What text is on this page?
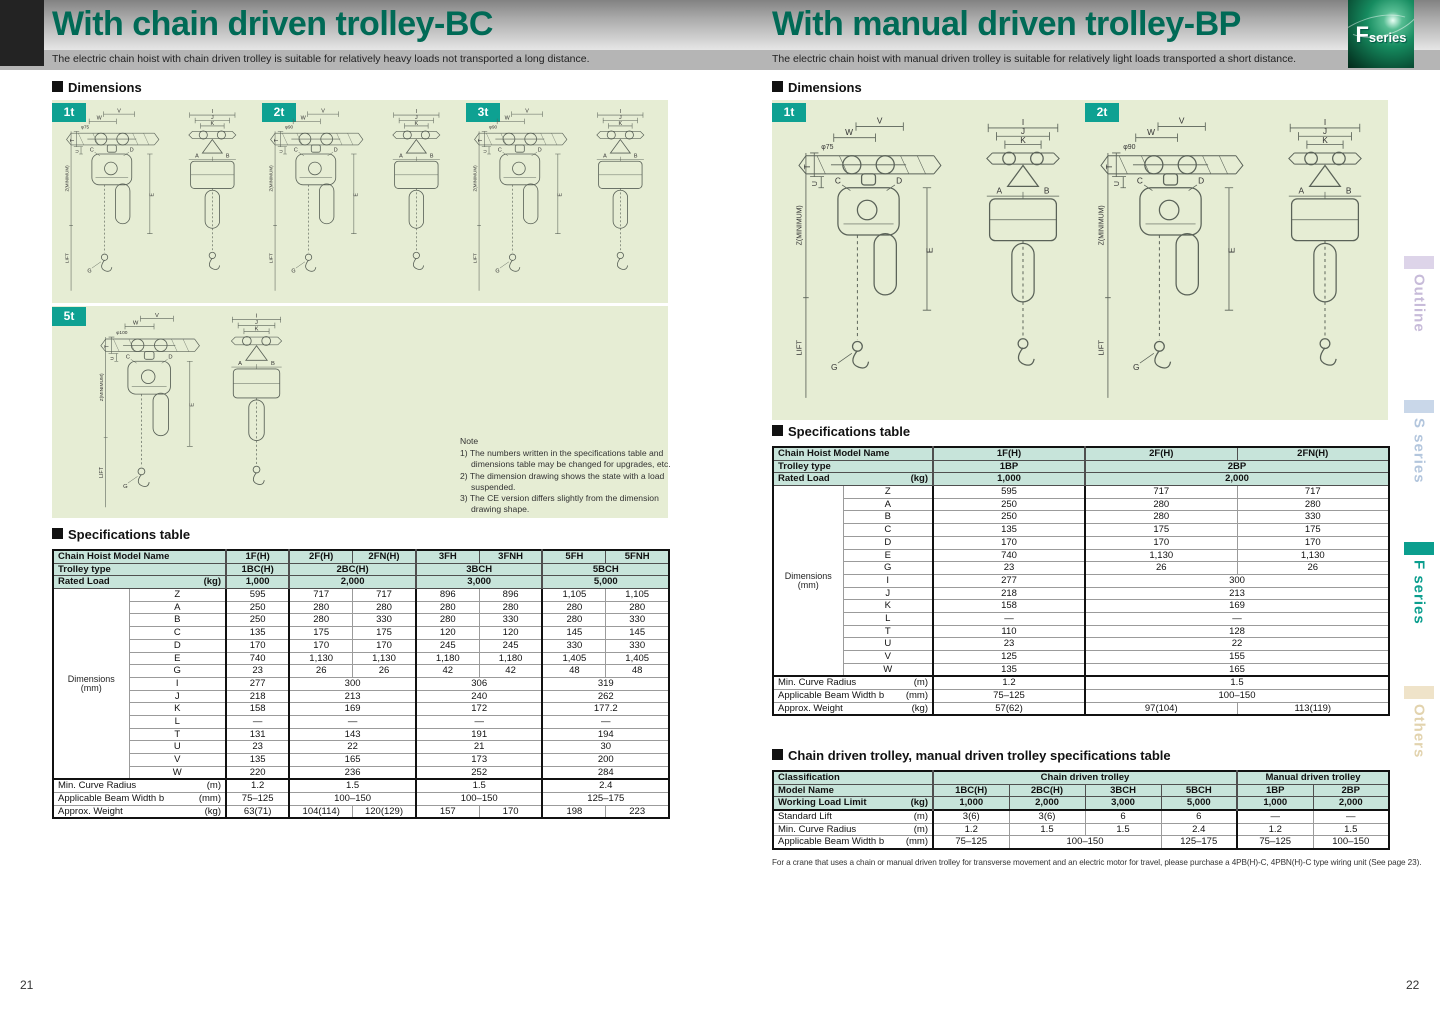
With chain driven trolley-BC	With manual driven trolley-BP
The electric chain hoist with chain driven trolley is suitable for relatively heavy loads not transported a long distance.	The electric chain hoist with manual driven trolley is suitable for relatively light loads transported a short distance.
Fseries
Dimensions	Dimensions
1t	2t	3t
W
V
T
U
Z(MINIMUM)
LIFT
C	D
E
G
φ75
I
J
K
A	B
W
V
T
U
Z(MINIMUM)
LIFT
C	D
E
G
φ90
I
J
K
A	B
W
V
T
U
Z(MINIMUM)
LIFT
C	D
E
G
φ90
I
J
K
A	B
5t
W
V
T
U
Z(MINIMUM)
LIFT
C	D
E
G
φ100
I
J
K
A	B
1t	2t
W
V
T
U
Z(MINIMUM)
LIFT
C	D
E
G
φ75
I
J
K
A	B
W
V
T
U
Z(MINIMUM)
LIFT
C	D
E
G
φ90
I
J
K
A	B
Note
1) The numbers written in the specifications table and dimensions table may be changed for upgrades, etc.
2) The dimension drawing shows the state with a load suspended.
3) The CE version differs slightly from the dimension drawing shape.
Specifications table
Chain Hoist Model Name		1F(H)	2F(H)	2FN(H)	3FH	3FNH	5FH	5FNH
Trolley type		1BC(H)	2BC(H)		3BCH		5BCH	
Rated Load (kg)		1,000	2,000		3,000		5,000	

Dimensions
(mm)	Z	595	717	717	896	896	1,105	1,105
	A	250	280	280	280	280	280	280
	B	250	280	330	280	330	280	330
	C	135	175	175	120	120	145	145
	D	170	170	170	245	245	330	330
	E	740	1,130	1,130	1,180	1,180	1,405	1,405
	G	23	26	26	42	42	48	48
	I	277	300		306		319	
	J	218	213		240		262	
	K	158	169		172		177.2	
	L	—	—		—		—	
	T	131	143		191		194	
	U	23	22		21		30	
	V	135	165		173		200	
	W	220	236		252		284	
Min. Curve Radius (m)		1.2	1.5		1.5		2.4	
Applicable Beam Width b (mm)		75–125	100–150		100–150		125–175	
Approx. Weight (kg)		63(71)	104(114)	120(129)	157	170	198	223
Specifications table
Chain Hoist Model Name		1F(H)	2F(H)	2FN(H)
Trolley type		1BP	2BP	
Rated Load (kg)		1,000	2,000	

Dimensions
(mm)	Z	595	717	717
	A	250	280	280
	B	250	280	330
	C	135	175	175
	D	170	170	170
	E	740	1,130	1,130
	G	23	26	26
	I	277	300	
	J	218	213	
	K	158	169	
	L	—	—	
	T	110	128	
	U	23	22	
	V	125	155	
	W	135	165	
Min. Curve Radius (m)		1.2	1.5	
Applicable Beam Width b (mm)		75–125	100–150	
Approx. Weight (kg)		57(62)	97(104)	113(119)
Chain driven trolley, manual driven trolley specifications table
Classification	Chain driven trolley				Manual driven trolley	
Model Name	1BC(H)	2BC(H)	3BCH	5BCH	1BP	2BP
Working Load Limit (kg)	1,000	2,000	3,000	5,000	1,000	2,000
Standard Lift (m)	3(6)	3(6)	6	6	—	—
Min. Curve Radius (m)	1.2	1.5	1.5	2.4	1.2	1.5
Applicable Beam Width b (mm)	75–125	100–150		125–175	75–125	100–150
For a crane that uses a chain or manual driven trolley for transverse movement and an electric motor for travel, please purchase a 4PB(H)-C, 4PBN(H)-C type wiring unit (See page 23).
Outline
S series
F series
Others
21	22
